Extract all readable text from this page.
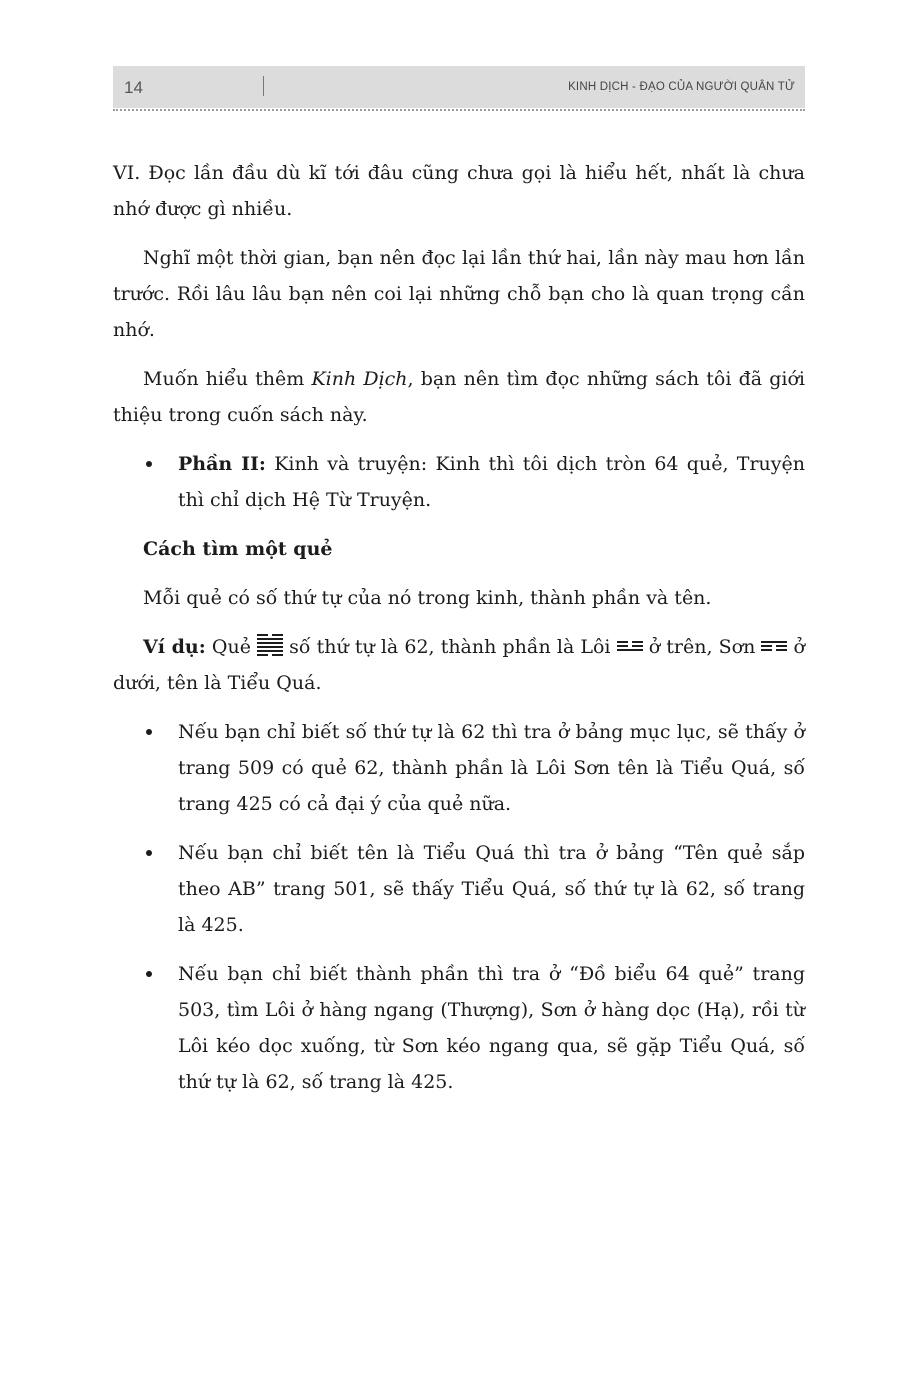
14	KINH DỊCH - ĐẠO CỦA NGƯỜI QUÂN TỬ

VI. Đọc lần đầu dù kĩ tới đâu cũng chưa gọi là hiểu hết, nhất là chưa nhớ được gì nhiều.

Nghĩ một thời gian, bạn nên đọc lại lần thứ hai, lần này mau hơn lần trước. Rồi lâu lâu bạn nên coi lại những chỗ bạn cho là quan trọng cần nhớ.

Muốn hiểu thêm Kinh Dịch, bạn nên tìm đọc những sách tôi đã giới thiệu trong cuốn sách này.

Phần II: Kinh và truyện: Kinh thì tôi dịch tròn 64 quẻ, Truyện thì chỉ dịch Hệ Từ Truyện.

Cách tìm một quẻ

Mỗi quẻ có số thứ tự của nó trong kinh, thành phần và tên.

Ví dụ: Quẻ
số thứ tự là 62, thành phần là Lôi
ở trên, Sơn
ở dưới, tên là Tiểu Quá.

Nếu bạn chỉ biết số thứ tự là 62 thì tra ở bảng mục lục, sẽ thấy ở trang 509 có quẻ 62, thành phần là Lôi Sơn tên là Tiểu Quá, số trang 425 có cả đại ý của quẻ nữa.
Nếu bạn chỉ biết tên là Tiểu Quá thì tra ở bảng “Tên quẻ sắp theo AB” trang 501, sẽ thấy Tiểu Quá, số thứ tự là 62, số trang là 425.
Nếu bạn chỉ biết thành phần thì tra ở “Đồ biểu 64 quẻ” trang 503, tìm Lôi ở hàng ngang (Thượng), Sơn ở hàng dọc (Hạ), rồi từ Lôi kéo dọc xuống, từ Sơn kéo ngang qua, sẽ gặp Tiểu Quá, số thứ tự là 62, số trang là 425.
